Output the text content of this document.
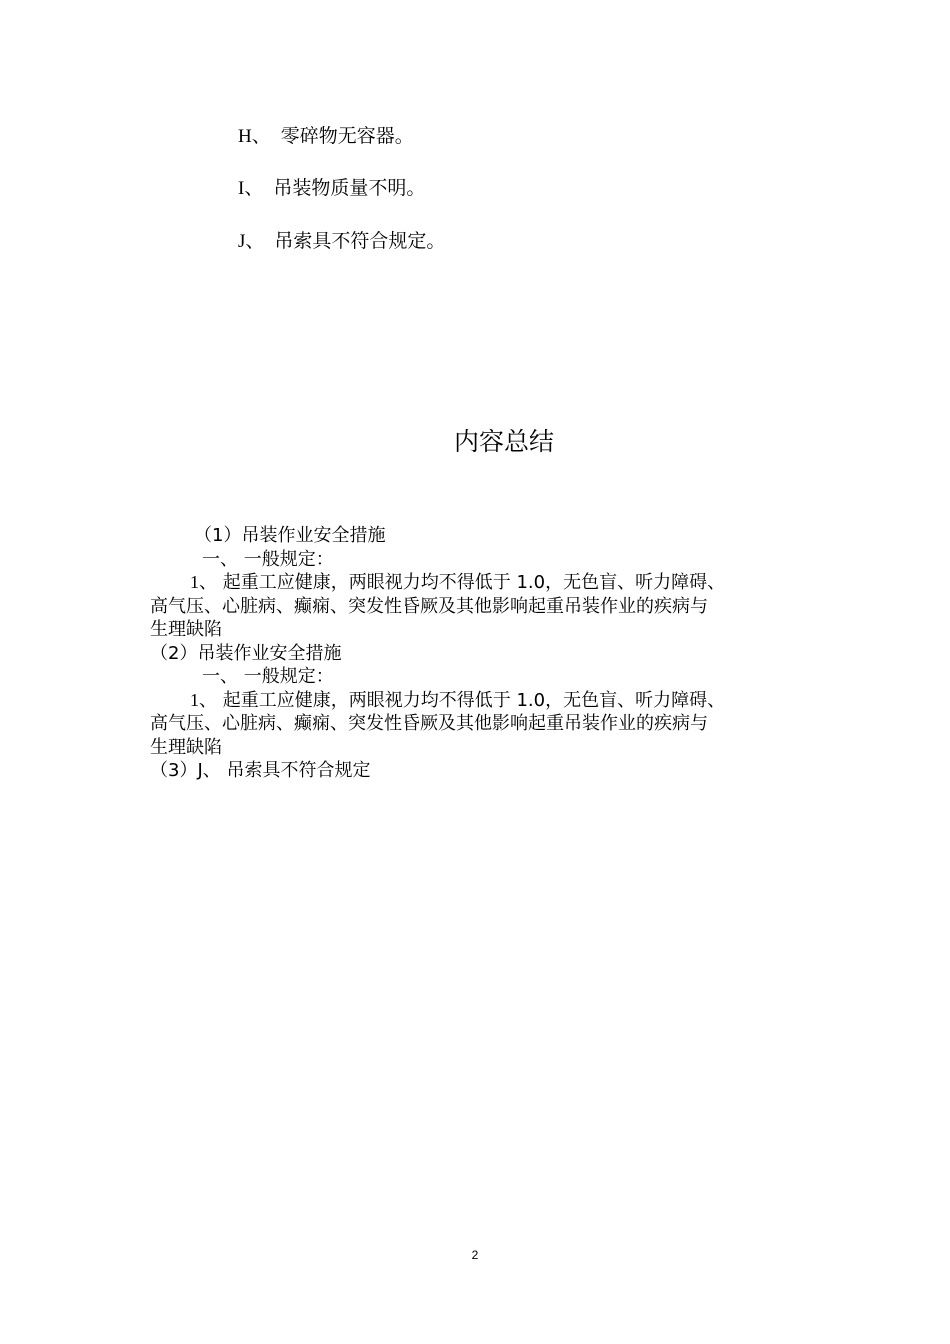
H、 零碎物无容器。
I、 吊装物质量不明。
J、 吊索具不符合规定。
内容总结
（1）吊装作业安全措施
一、 一般规定：
1、 起重工应健康，两眼视力均不得低于 1.0，无色盲、听力障碍、
高气压、心脏病、癫痫、突发性昏厥及其他影响起重吊装作业的疾病与
生理缺陷
（2）吊装作业安全措施
一、 一般规定：
1、 起重工应健康，两眼视力均不得低于 1.0，无色盲、听力障碍、
高气压、心脏病、癫痫、突发性昏厥及其他影响起重吊装作业的疾病与
生理缺陷
（3）J、 吊索具不符合规定
2
